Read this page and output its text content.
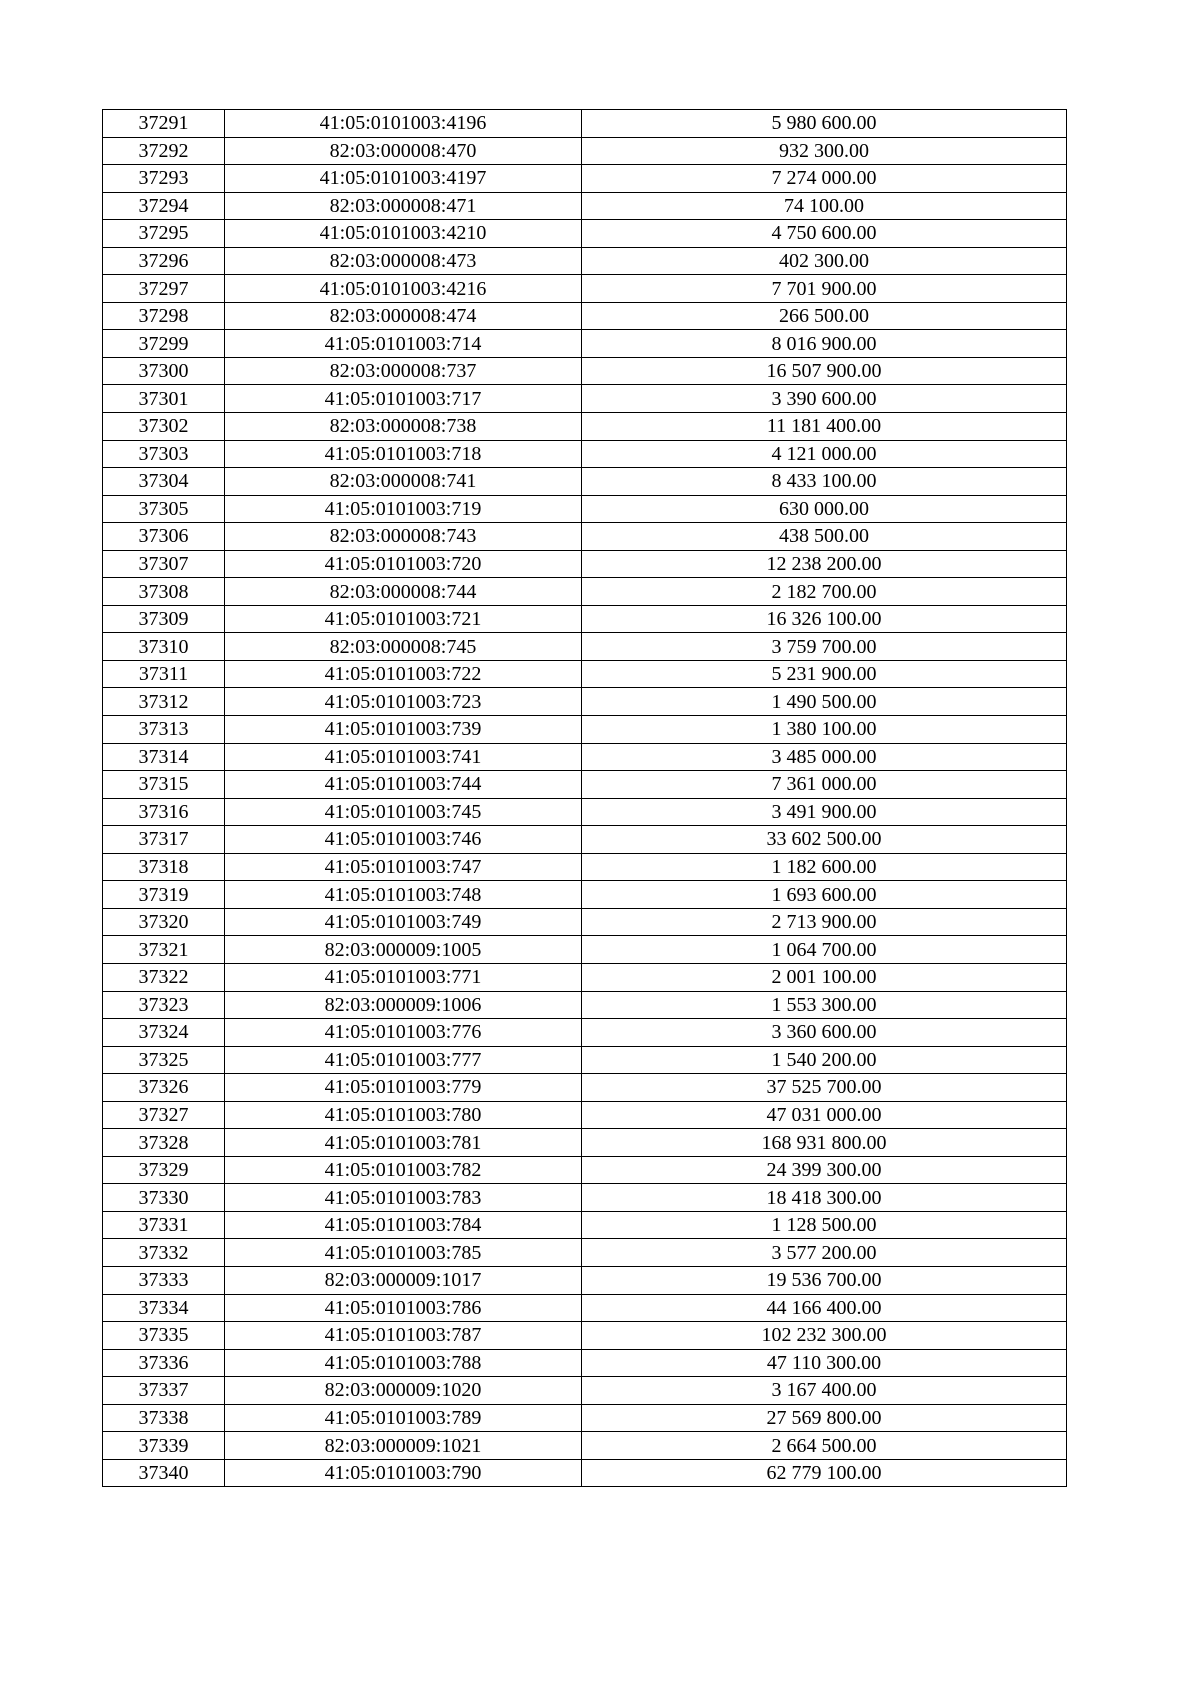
37291	41:05:0101003:4196	5 980 600.00
37292	82:03:000008:470	932 300.00
37293	41:05:0101003:4197	7 274 000.00
37294	82:03:000008:471	74 100.00
37295	41:05:0101003:4210	4 750 600.00
37296	82:03:000008:473	402 300.00
37297	41:05:0101003:4216	7 701 900.00
37298	82:03:000008:474	266 500.00
37299	41:05:0101003:714	8 016 900.00
37300	82:03:000008:737	16 507 900.00
37301	41:05:0101003:717	3 390 600.00
37302	82:03:000008:738	11 181 400.00
37303	41:05:0101003:718	4 121 000.00
37304	82:03:000008:741	8 433 100.00
37305	41:05:0101003:719	630 000.00
37306	82:03:000008:743	438 500.00
37307	41:05:0101003:720	12 238 200.00
37308	82:03:000008:744	2 182 700.00
37309	41:05:0101003:721	16 326 100.00
37310	82:03:000008:745	3 759 700.00
37311	41:05:0101003:722	5 231 900.00
37312	41:05:0101003:723	1 490 500.00
37313	41:05:0101003:739	1 380 100.00
37314	41:05:0101003:741	3 485 000.00
37315	41:05:0101003:744	7 361 000.00
37316	41:05:0101003:745	3 491 900.00
37317	41:05:0101003:746	33 602 500.00
37318	41:05:0101003:747	1 182 600.00
37319	41:05:0101003:748	1 693 600.00
37320	41:05:0101003:749	2 713 900.00
37321	82:03:000009:1005	1 064 700.00
37322	41:05:0101003:771	2 001 100.00
37323	82:03:000009:1006	1 553 300.00
37324	41:05:0101003:776	3 360 600.00
37325	41:05:0101003:777	1 540 200.00
37326	41:05:0101003:779	37 525 700.00
37327	41:05:0101003:780	47 031 000.00
37328	41:05:0101003:781	168 931 800.00
37329	41:05:0101003:782	24 399 300.00
37330	41:05:0101003:783	18 418 300.00
37331	41:05:0101003:784	1 128 500.00
37332	41:05:0101003:785	3 577 200.00
37333	82:03:000009:1017	19 536 700.00
37334	41:05:0101003:786	44 166 400.00
37335	41:05:0101003:787	102 232 300.00
37336	41:05:0101003:788	47 110 300.00
37337	82:03:000009:1020	3 167 400.00
37338	41:05:0101003:789	27 569 800.00
37339	82:03:000009:1021	2 664 500.00
37340	41:05:0101003:790	62 779 100.00
